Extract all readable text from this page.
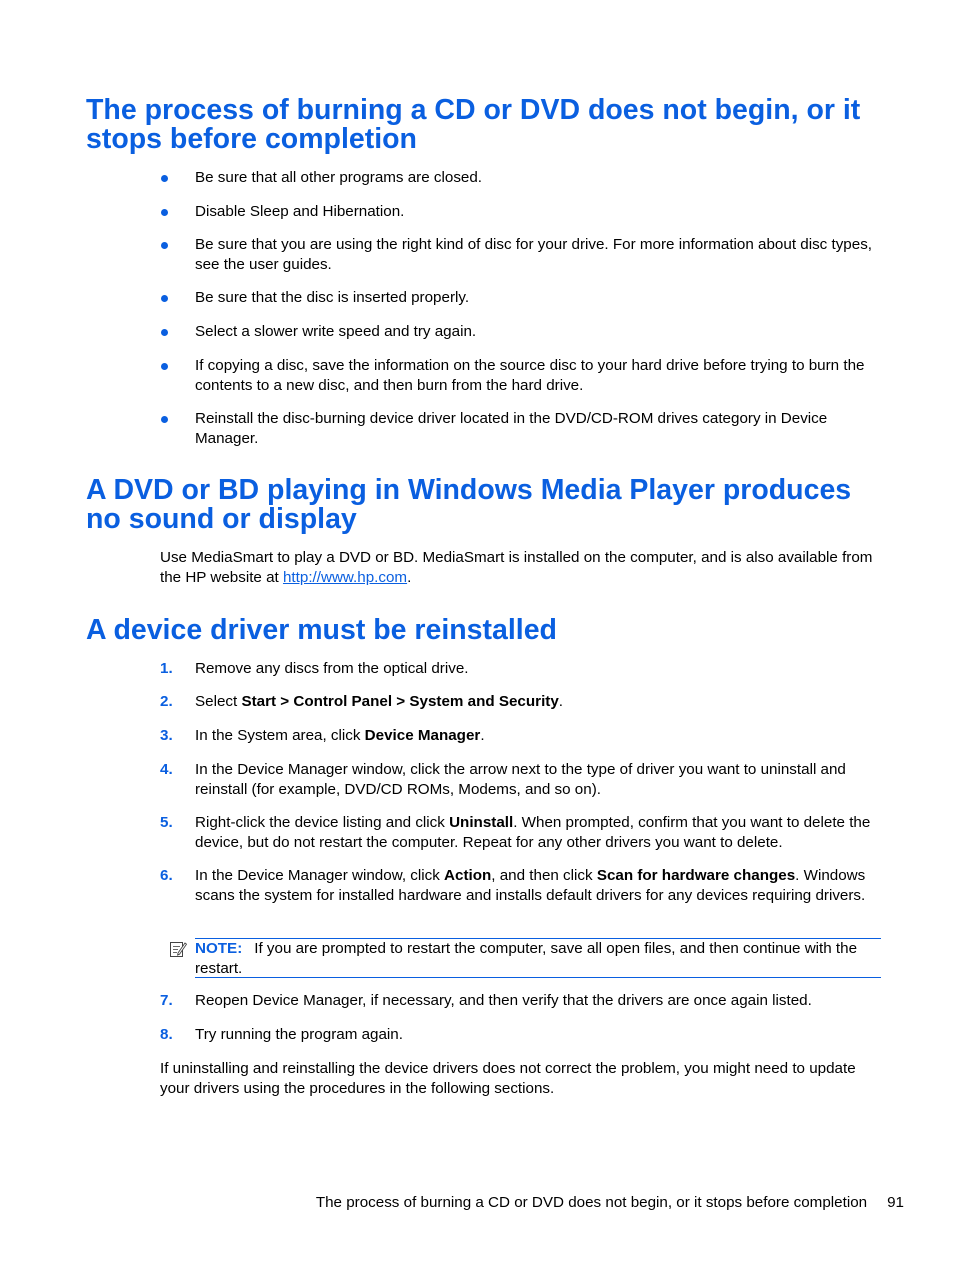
The process of burning a CD or DVD does not begin, or it stops before completion
Be sure that all other programs are closed.
Disable Sleep and Hibernation.
Be sure that you are using the right kind of disc for your drive. For more information about disc types, see the user guides.
Be sure that the disc is inserted properly.
Select a slower write speed and try again.
If copying a disc, save the information on the source disc to your hard drive before trying to burn the contents to a new disc, and then burn from the hard drive.
Reinstall the disc-burning device driver located in the DVD/CD-ROM drives category in Device Manager.
A DVD or BD playing in Windows Media Player produces no sound or display

Use MediaSmart to play a DVD or BD. MediaSmart is installed on the computer, and is also available from the HP website at http://www.hp.com.

A device driver must be reinstalled
1. Remove any discs from the optical drive.
2. Select Start > Control Panel > System and Security.
3. In the System area, click Device Manager.
4. In the Device Manager window, click the arrow next to the type of driver you want to uninstall and reinstall (for example, DVD/CD ROMs, Modems, and so on).
5. Right-click the device listing and click Uninstall. When prompted, confirm that you want to delete the device, but do not restart the computer. Repeat for any other drivers you want to delete.
6. In the Device Manager window, click Action, and then click Scan for hardware changes. Windows scans the system for installed hardware and installs default drivers for any devices requiring drivers.
7. Reopen Device Manager, if necessary, and then verify that the drivers are once again listed.
8. Try running the program again.
NOTE: If you are prompted to restart the computer, save all open files, and then continue with the restart.

If uninstalling and reinstalling the device drivers does not correct the problem, you might need to update your drivers using the procedures in the following sections.

The process of burning a CD or DVD does not begin, or it stops before completion 91
